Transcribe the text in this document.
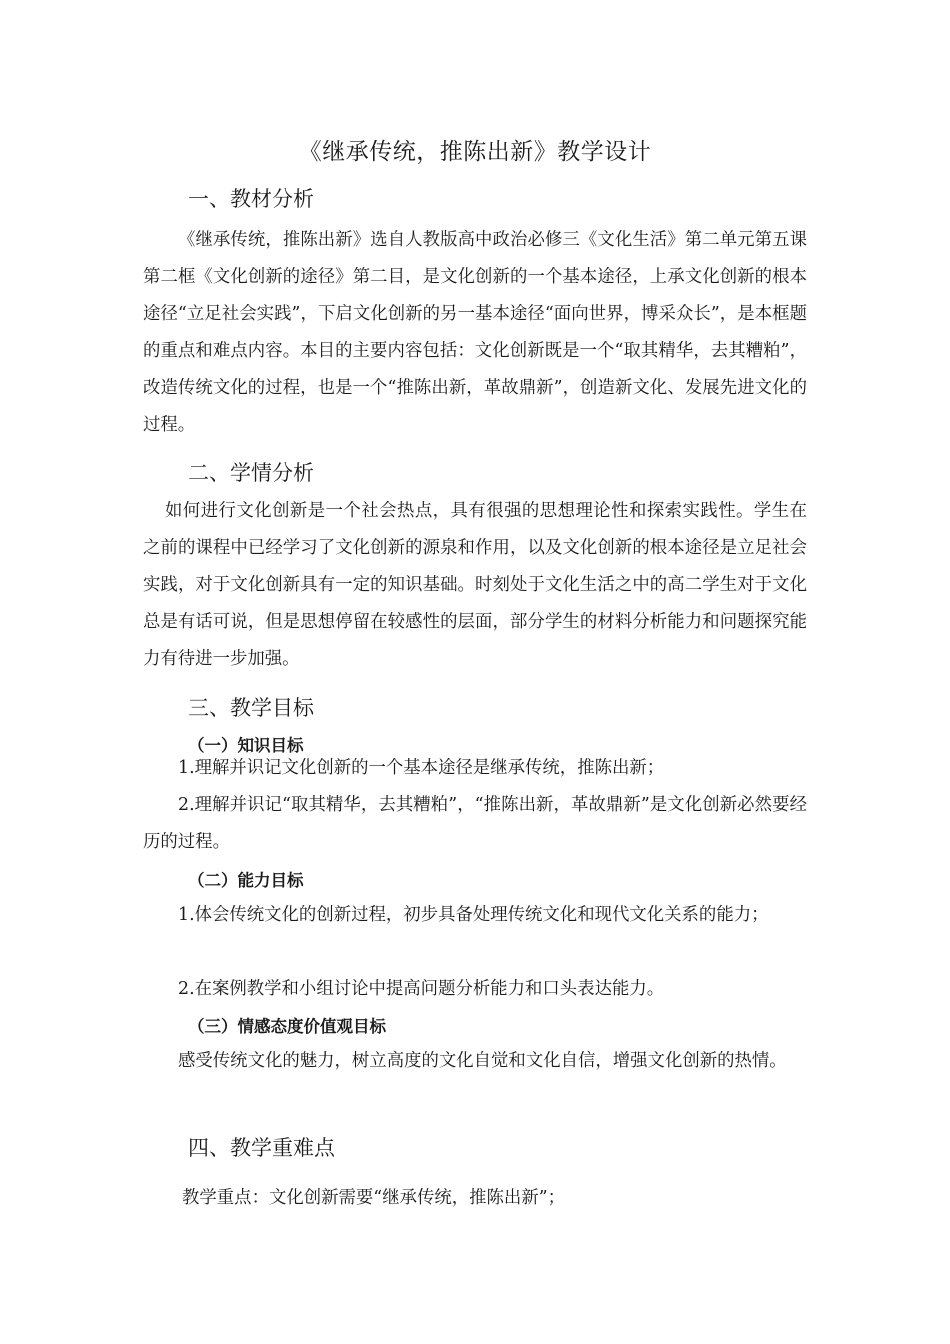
《继承传统，推陈出新》教学设计
一、教材分析

《继承传统，推陈出新》选自人教版高中政治必修三《文化生活》第二单元第五课第二框《文化创新的途径》第二目，是文化创新的一个基本途径，上承文化创新的根本途径“立足社会实践”，下启文化创新的另一基本途径“面向世界，博采众长”，是本框题的重点和难点内容。本目的主要内容包括：文化创新既是一个“取其精华，去其糟粕”，改造传统文化的过程，也是一个“推陈出新，革故鼎新”，创造新文化、发展先进文化的过程。

二、学情分析

如何进行文化创新是一个社会热点，具有很强的思想理论性和探索实践性。学生在之前的课程中已经学习了文化创新的源泉和作用，以及文化创新的根本途径是立足社会实践，对于文化创新具有一定的知识基础。时刻处于文化生活之中的高二学生对于文化总是有话可说，但是思想停留在较感性的层面，部分学生的材料分析能力和问题探究能力有待进一步加强。

三、教学目标
（一）知识目标

1.理解并识记文化创新的一个基本途径是继承传统，推陈出新；

2.理解并识记“取其精华，去其糟粕”，“推陈出新，革故鼎新”是文化创新必然要经历的过程。

（二）能力目标

1.体会传统文化的创新过程，初步具备处理传统文化和现代文化关系的能力；

2.在案例教学和小组讨论中提高问题分析能力和口头表达能力。

（三）情感态度价值观目标

感受传统文化的魅力，树立高度的文化自觉和文化自信，增强文化创新的热情。

四、教学重难点

教学重点：文化创新需要“继承传统，推陈出新”；
